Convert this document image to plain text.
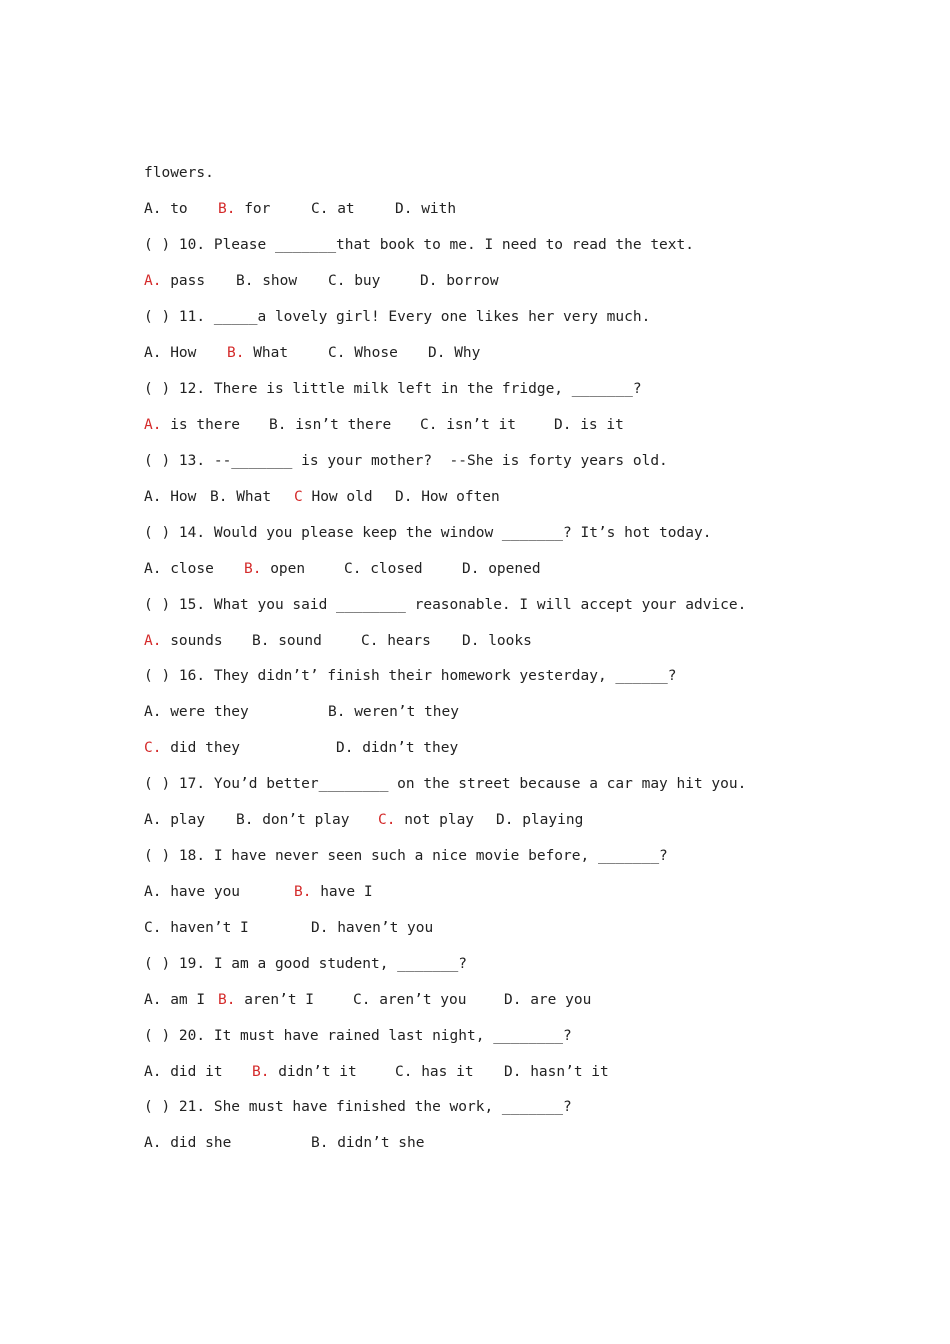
flowers.
A. to B. for	C. at	D. with
( ) 10. Please _______that book to me. I need to read the text.
A. pass B. show C. buy	D. borrow
( ) 11. _____a lovely girl! Every one likes her very much.
A. How B. What	C. Whose D. Why
( ) 12. There is little milk left in the fridge, _______?
A. is there B. isn’t there C. isn’t it	D. is it
( ) 13. --_______ is your mother?  --She is forty years old.
A. How B. What C How old D. How often
( ) 14. Would you please keep the window _______? It’s hot today.
A. close B. open	C. closed	D. opened
( ) 15. What you said ________ reasonable. I will accept your advice.
A. sounds B. sound	C. hears D. looks
( ) 16. They didn’t’ finish their homework yesterday, ______?
A. were they	B. weren’t they
C. did they	D. didn’t they
( ) 17. You’d better________ on the street because a car may hit you.
A. play B. don’t play C. not play D. playing
( ) 18. I have never seen such a nice movie before, _______?
A. have you	B. have I
C. haven’t I	D. haven’t you
( ) 19. I am a good student, _______?
A. am I B. aren’t I	C. aren’t you	D. are you
( ) 20. It must have rained last night, ________?
A. did it B. didn’t it	C. has it D. hasn’t it
( ) 21. She must have finished the work, _______?
A. did she	B. didn’t she
